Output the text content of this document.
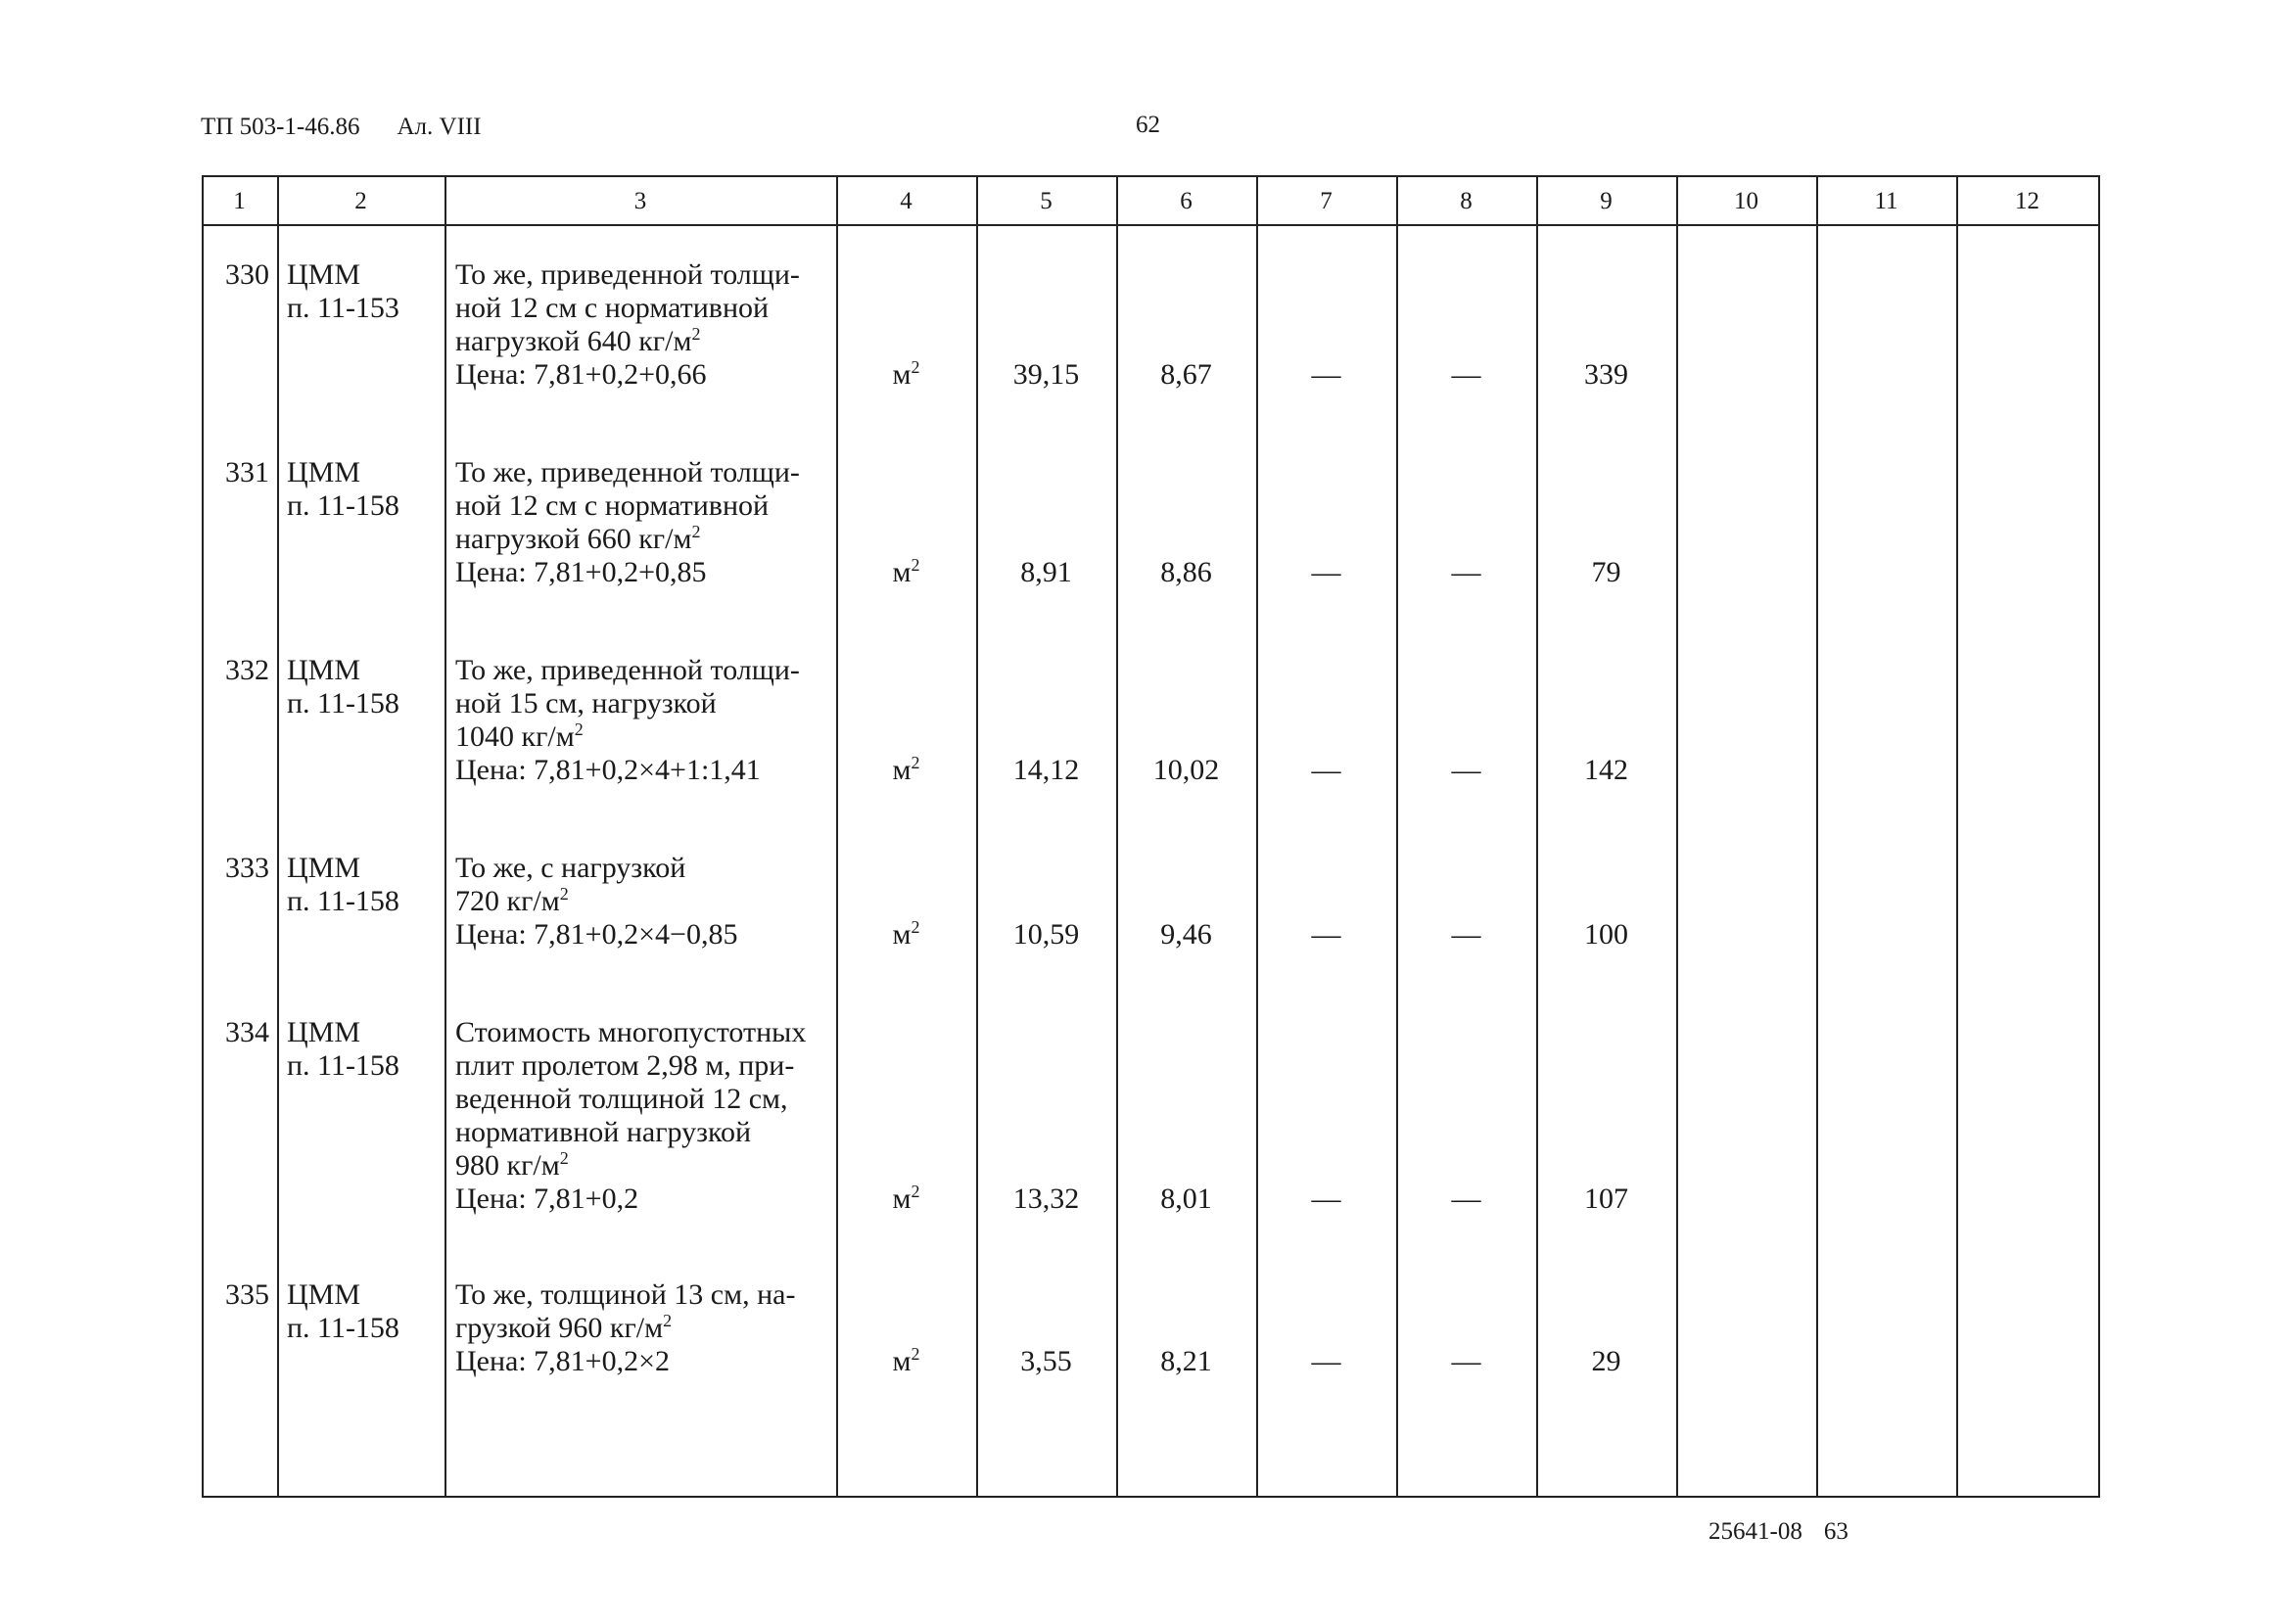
ТП 503-1-46.86 Ал. VIII	62
1	2	3	4	5	6	7	8	9	10	11	12
330 ЦММ
п. 11-153
То же, приведенной толщи-
ной 12 см с нормативной
нагрузкой 640 $кг/м^2$
Цена: 7,81+0,2+0,66	$м^2$	39,15	8,67	—	—	339
331 ЦММ
п. 11-158
То же, приведенной толщи-
ной 12 см с нормативной
нагрузкой 660 $кг/м^2$
Цена: 7,81+0,2+0,85	$м^2$	8,91	8,86	—	—	79
332 ЦММ
п. 11-158
То же, приведенной толщи-
ной 15 см, нагрузкой
1040 $кг/м^2$
Цена: 7,81+0,2×4+1:1,41	$м^2$	14,12	10,02	—	—	142
333 ЦММ
п. 11-158
То же, с нагрузкой
720 $кг/м^2$
Цена: 7,81+0,2×4−0,85	$м^2$	10,59	9,46	—	—	100
334 ЦММ
п. 11-158
Стоимость многопустотных
плит пролетом 2,98 м, при-
веденной толщиной 12 см,
нормативной нагрузкой
980 $кг/м^2$
Цена: 7,81+0,2	$м^2$	13,32	8,01	—	—	107
335 ЦММ
п. 11-158
То же, толщиной 13 см, на-
грузкой 960 $кг/м^2$
Цена: 7,81+0,2×2	$м^2$	3,55	8,21	—	—	29
25641-08 63
